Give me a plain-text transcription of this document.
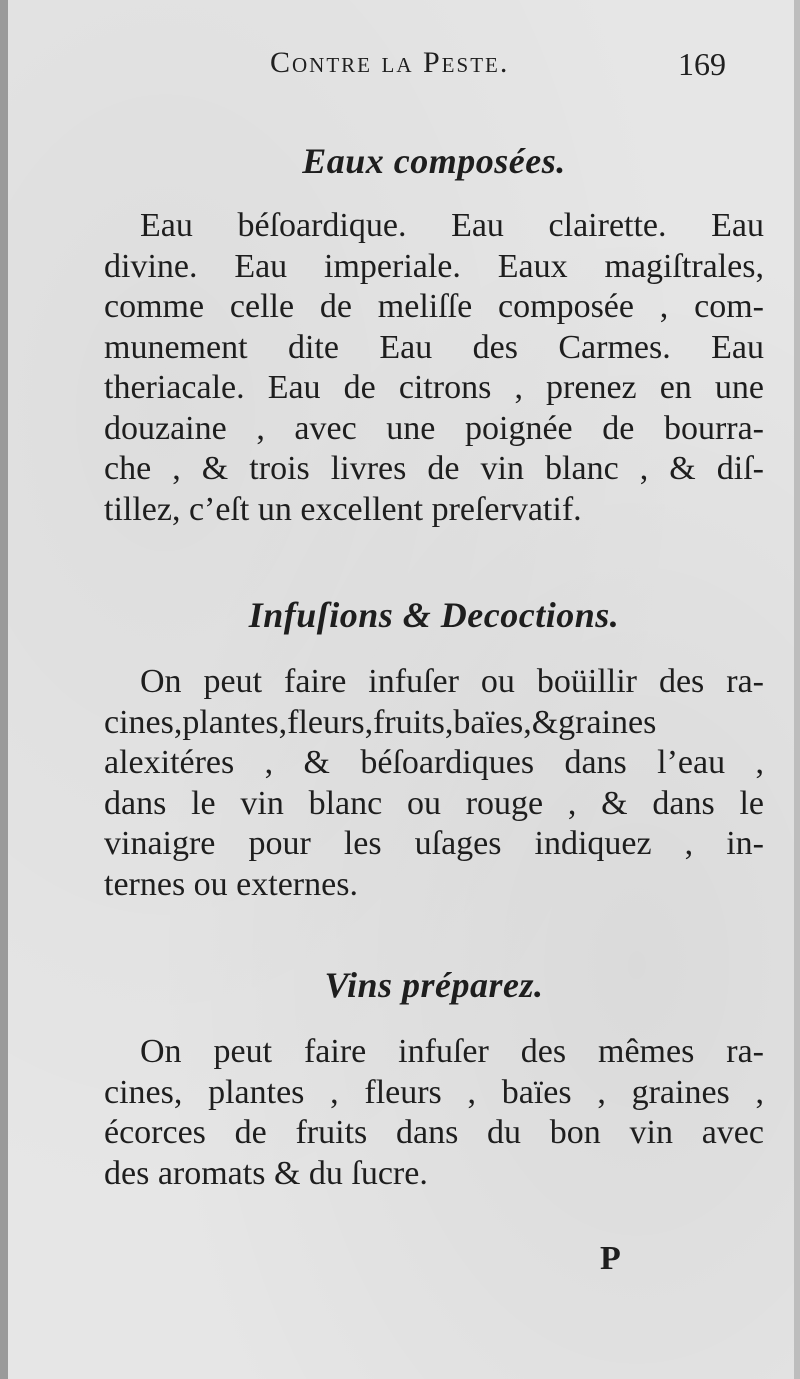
Contre la Peste.	169
Eaux composées.

Eau béſoardique. Eau clairette. Eau
divine. Eau imperiale. Eaux magiſtrales,
comme celle de meliſſe composée , com-
munement dite Eau des Carmes. Eau
theriacale. Eau de citrons , prenez en une
douzaine , avec une poignée de bourra-
che , & trois livres de vin blanc , & diſ-
tillez, c’eſt un excellent preſervatif.

Infuſions & Decoctions.

On peut faire infuſer ou boüillir des ra-
cines,plantes,fleurs,fruits,baïes,&graines
alexitéres , & béſoardiques dans l’eau ,
dans le vin blanc ou rouge , & dans le
vinaigre pour les uſages indiquez , in-
ternes ou externes.

Vins préparez.

On peut faire infuſer des mêmes ra-
cines, plantes , fleurs , baïes , graines ,
écorces de fruits dans du bon vin avec
des aromats & du ſucre.

P
